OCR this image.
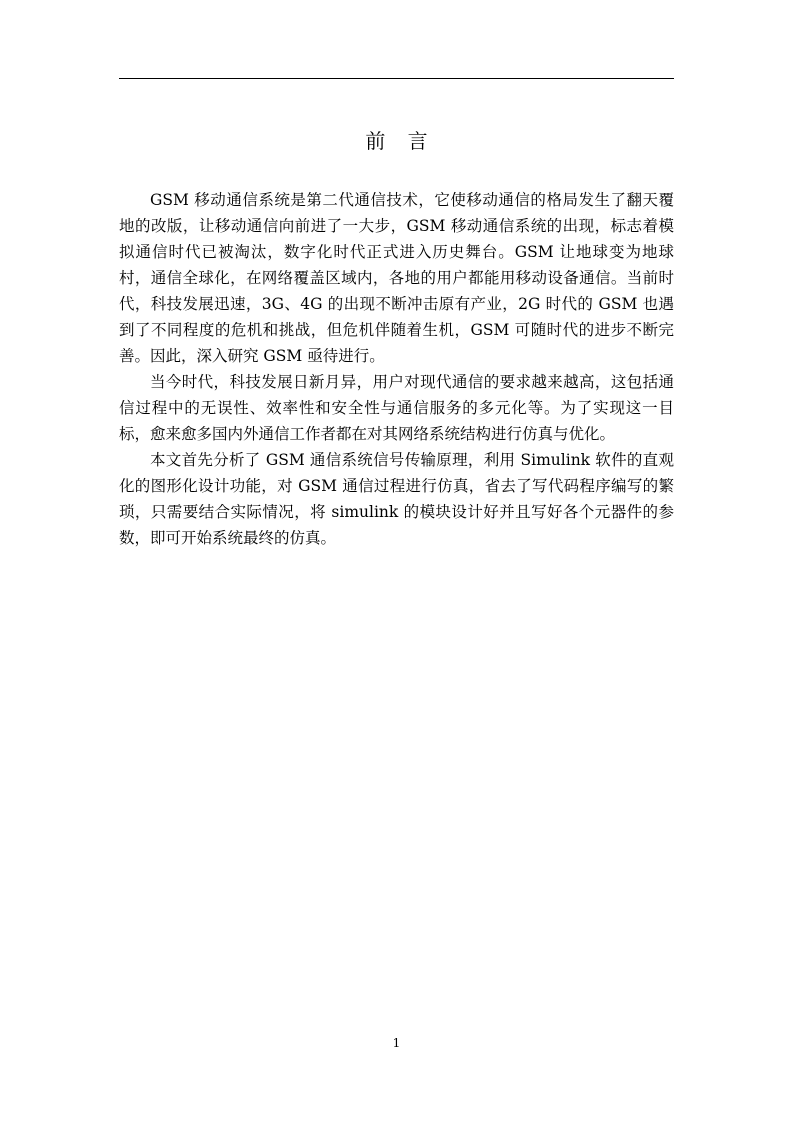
前 言

GSM 移动通信系统是第二代通信技术，它使移动通信的格局发生了翻天覆地的改版，让移动通信向前进了一大步，GSM 移动通信系统的出现，标志着模拟通信时代已被淘汰，数字化时代正式进入历史舞台。GSM 让地球变为地球村，通信全球化，在网络覆盖区域内，各地的用户都能用移动设备通信。当前时代，科技发展迅速，3G、4G 的出现不断冲击原有产业，2G 时代的 GSM 也遇到了不同程度的危机和挑战，但危机伴随着生机，GSM 可随时代的进步不断完善。因此，深入研究 GSM 亟待进行。

当今时代，科技发展日新月异，用户对现代通信的要求越来越高，这包括通信过程中的无误性、效率性和安全性与通信服务的多元化等。为了实现这一目标，愈来愈多国内外通信工作者都在对其网络系统结构进行仿真与优化。

本文首先分析了 GSM 通信系统信号传输原理，利用 Simulink 软件的直观化的图形化设计功能，对 GSM 通信过程进行仿真，省去了写代码程序编写的繁琐，只需要结合实际情况，将 simulink 的模块设计好并且写好各个元器件的参数，即可开始系统最终的仿真。

1
